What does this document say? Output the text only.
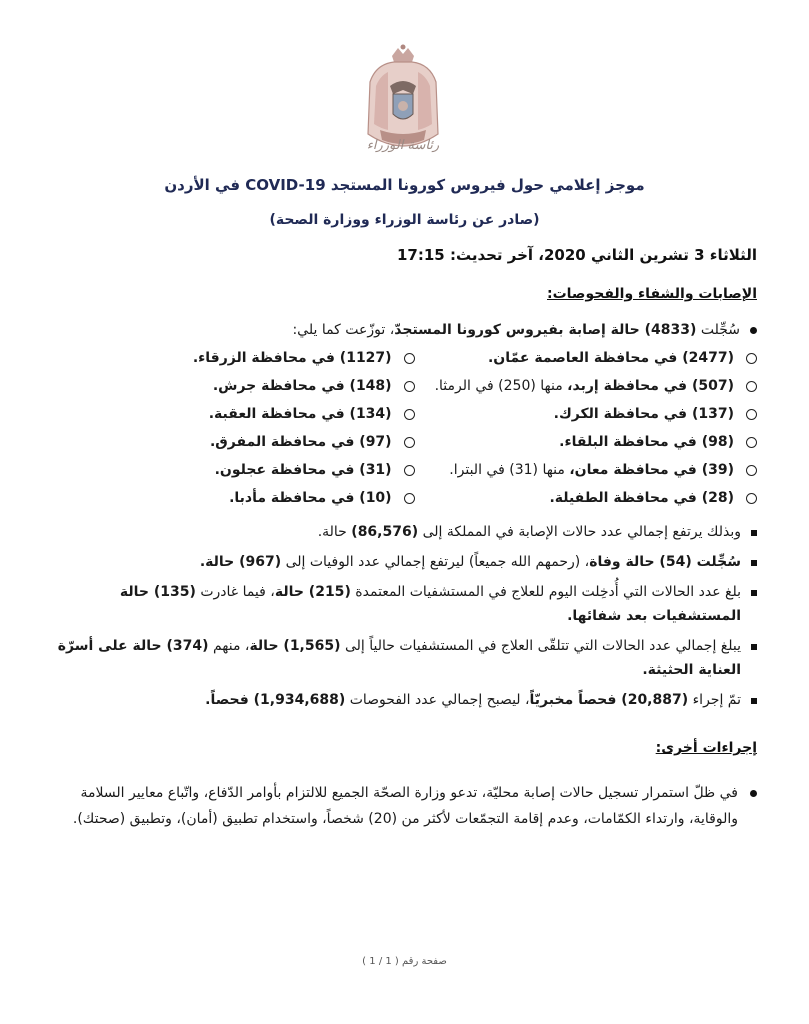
رئاسة الوزراء
موجز إعلامي حول فيروس كورونا المستجد COVID-19 في الأردن
(صادر عن رئاسة الوزراء ووزارة الصحة)
الثلاثاء 3 تشرين الثاني 2020، آخر تحديث: 17:15
الإصابات والشفاء والفحوصات:
سُجِّلت (4833) حالة إصابة بفيروس كورونا المستجدّ، توزّعت كما يلي:
(2477) في محافظة العاصمة عمّان.
(1127) في محافظة الزرقاء.
(507) في محافظة إربد، منها (250) في الرمثا.
(148) في محافظة جرش.
(137) في محافظة الكرك.
(134) في محافظة العقبة.
(98) في محافظة البلقاء.
(97) في محافظة المفرق.
(39) في محافظة معان، منها (31) في البترا.
(31) في محافظة عجلون.
(28) في محافظة الطفيلة.
(10) في محافظة مأدبا.
وبذلك يرتفع إجمالي عدد حالات الإصابة في المملكة إلى (86,576) حالة.
سُجِّلت (54) حالة وفاة، (رحمهم الله جميعاً) ليرتفع إجمالي عدد الوفيات إلى (967) حالة.
بلغ عدد الحالات التي أُدخِلت اليوم للعلاج في المستشفيات المعتمدة (215) حالة، فيما غادرت (135) حالة المستشفيات بعد شفائها.
يبلغ إجمالي عدد الحالات التي تتلقّى العلاج في المستشفيات حالياً إلى (1,565) حالة، منهم (374) حالة على أسرّة العناية الحثيثة.
تمّ إجراء (20,887) فحصاً مخبريّاً، ليصبح إجمالي عدد الفحوصات (1,934,688) فحصاً.
إجراءات أخرى:
في ظلّ استمرار تسجيل حالات إصابة محليّة، تدعو وزارة الصحّة الجميع للالتزام بأوامر الدّفاع، واتّباع معايير السلامة والوقاية، وارتداء الكمّامات، وعدم إقامة التجمّعات لأكثر من (20) شخصاً، واستخدام تطبيق (أمان)، وتطبيق (صحتك).
صفحة رقم ( 1 / 1 )
